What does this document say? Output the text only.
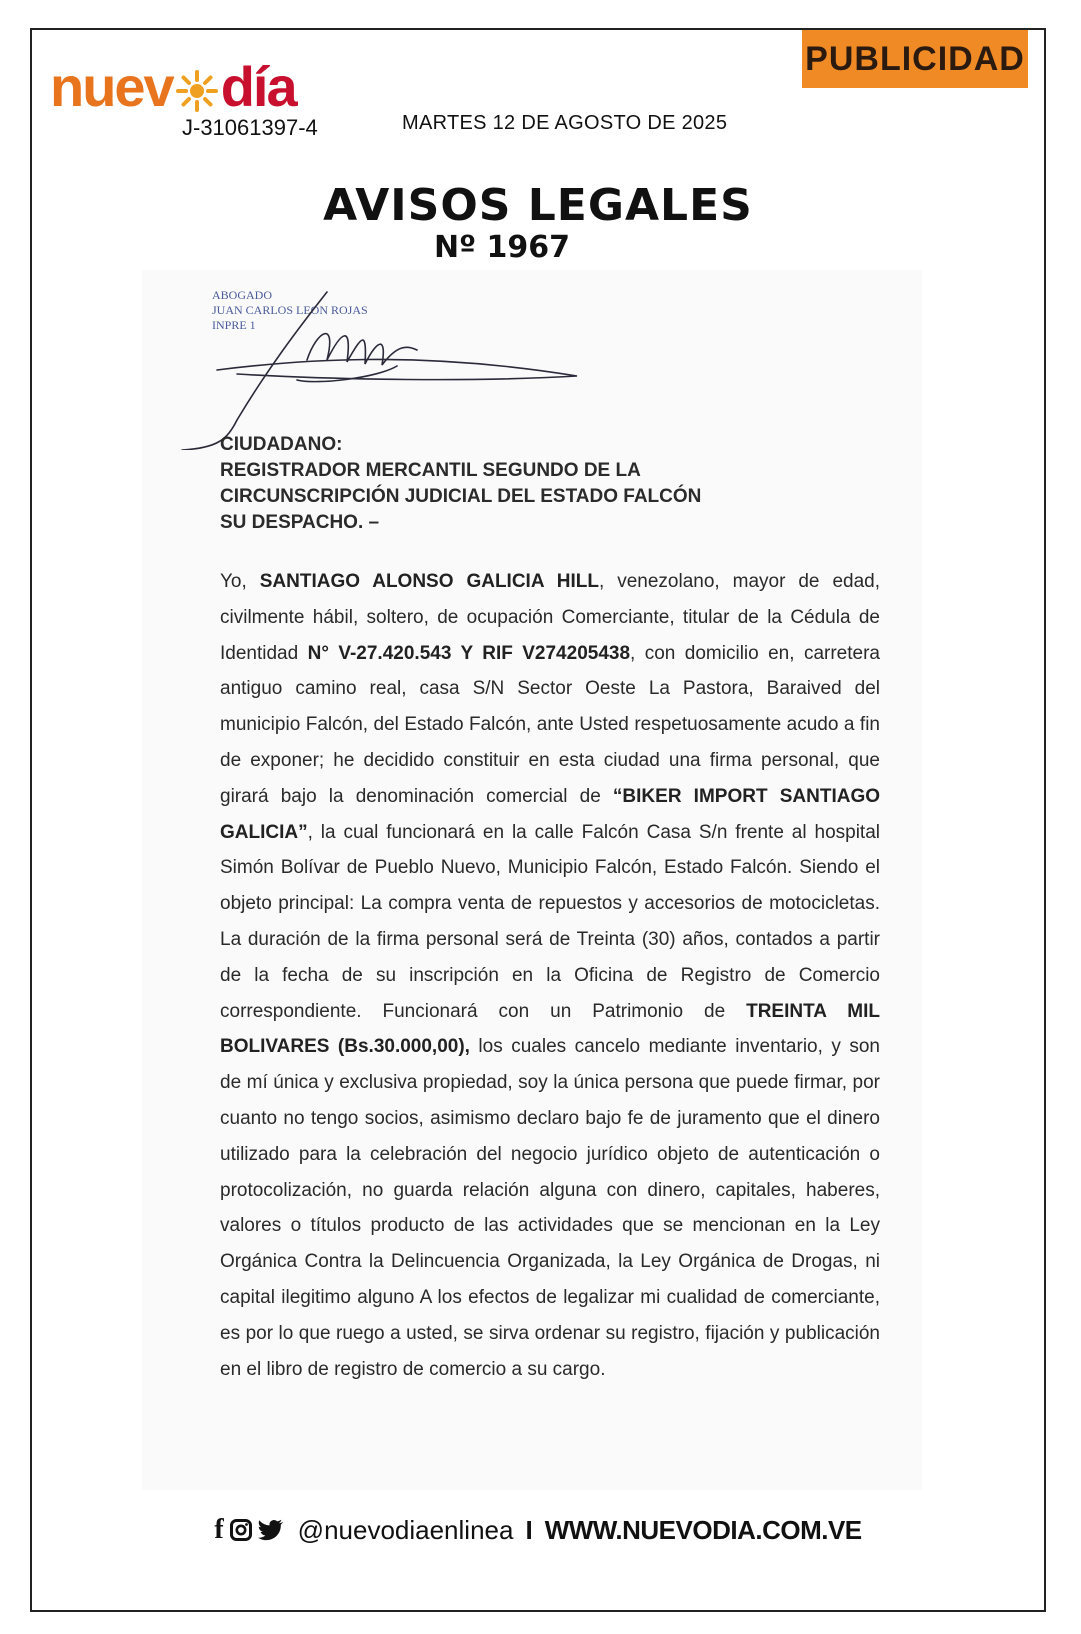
nuev día
J-31061397-4
PUBLICIDAD
MARTES 12 DE AGOSTO DE 2025
AVISOS LEGALES
Nº 1967
ABOGADO
JUAN CARLOS LEON ROJAS
INPRE 1
CIUDADANO:
REGISTRADOR MERCANTIL SEGUNDO DE LA
CIRCUNSCRIPCIÓN JUDICIAL DEL ESTADO FALCÓN
SU DESPACHO. –
Yo, SANTIAGO ALONSO GALICIA HILL, venezolano, mayor de edad, civilmente hábil, soltero, de ocupación Comerciante, titular de la Cédula de Identidad N° V-27.420.543 Y RIF V274205438, con domicilio en, carretera antiguo camino real, casa S/N Sector Oeste La Pastora, Baraived del municipio Falcón, del Estado Falcón, ante Usted respetuosamente acudo a fin de exponer; he decidido constituir en esta ciudad una firma personal, que girará bajo la denominación comercial de “BIKER IMPORT SANTIAGO GALICIA”, la cual funcionará en la calle Falcón Casa S/n frente al hospital Simón Bolívar de Pueblo Nuevo, Municipio Falcón, Estado Falcón. Siendo el objeto principal: La compra venta de repuestos y accesorios de motocicletas. La duración de la firma personal será de Treinta (30) años, contados a partir de la fecha de su inscripción en la Oficina de Registro de Comercio correspondiente. Funcionará con un Patrimonio de TREINTA MIL BOLIVARES (Bs.30.000,00), los cuales cancelo mediante inventario, y son de mí única y exclusiva propiedad, soy la única persona que puede firmar, por cuanto no tengo socios, asimismo declaro bajo fe de juramento que el dinero utilizado para la celebración del negocio jurídico objeto de autenticación o protocolización, no guarda relación alguna con dinero, capitales, haberes, valores o títulos producto de las actividades que se mencionan en la Ley Orgánica Contra la Delincuencia Organizada, la Ley Orgánica de Drogas, ni capital ilegitimo alguno A los efectos de legalizar mi cualidad de comerciante, es por lo que ruego a usted, se sirva ordenar su registro, fijación y publicación en el libro de registro de comercio a su cargo.
f	@nuevodiaenlinea I WWW.NUEVODIA.COM.VE
